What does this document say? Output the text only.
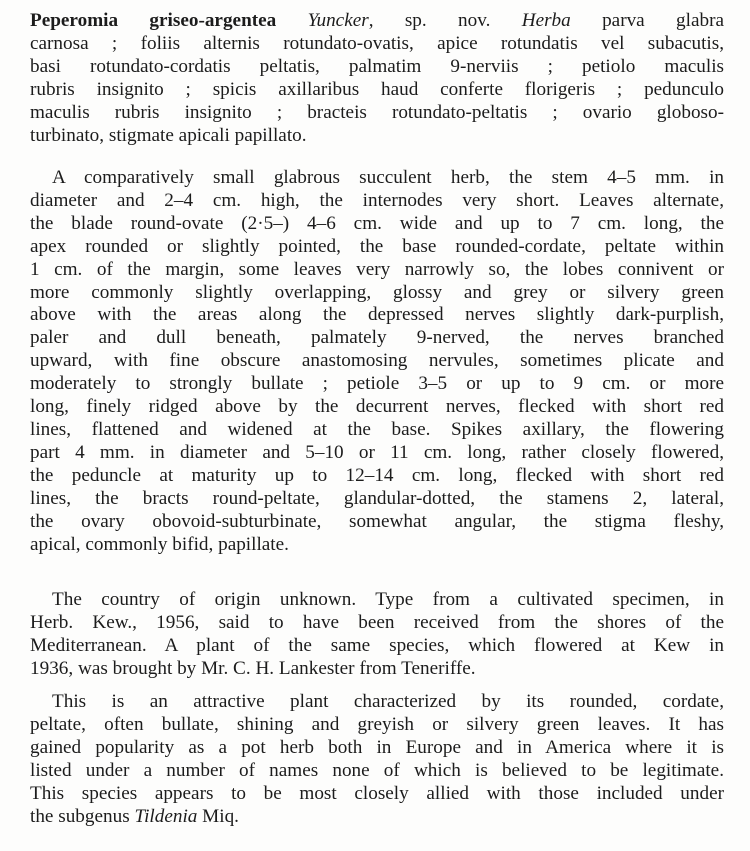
Peperomia griseo-argentea Yuncker, sp. nov. Herba parva glabra
carnosa ; foliis alternis rotundato-ovatis, apice rotundatis vel subacutis,
basi rotundato-cordatis peltatis, palmatim 9-nerviis ; petiolo maculis
rubris insignito ; spicis axillaribus haud conferte florigeris ; pedunculo
maculis rubris insignito ; bracteis rotundato-peltatis ; ovario globoso-
turbinato, stigmate apicali papillato.
A comparatively small glabrous succulent herb, the stem 4–5 mm. in
diameter and 2–4 cm. high, the internodes very short. Leaves alternate,
the blade round-ovate (2·5–) 4–6 cm. wide and up to 7 cm. long, the
apex rounded or slightly pointed, the base rounded-cordate, peltate within
1 cm. of the margin, some leaves very narrowly so, the lobes connivent or
more commonly slightly overlapping, glossy and grey or silvery green
above with the areas along the depressed nerves slightly dark-purplish,
paler and dull beneath, palmately 9-nerved, the nerves branched
upward, with fine obscure anastomosing nervules, sometimes plicate and
moderately to strongly bullate ; petiole 3–5 or up to 9 cm. or more
long, finely ridged above by the decurrent nerves, flecked with short red
lines, flattened and widened at the base. Spikes axillary, the flowering
part 4 mm. in diameter and 5–10 or 11 cm. long, rather closely flowered,
the peduncle at maturity up to 12–14 cm. long, flecked with short red
lines, the bracts round-peltate, glandular-dotted, the stamens 2, lateral,
the ovary obovoid-subturbinate, somewhat angular, the stigma fleshy,
apical, commonly bifid, papillate.
The country of origin unknown. Type from a cultivated specimen, in
Herb. Kew., 1956, said to have been received from the shores of the
Mediterranean. A plant of the same species, which flowered at Kew in
1936, was brought by Mr. C. H. Lankester from Teneriffe.
This is an attractive plant characterized by its rounded, cordate,
peltate, often bullate, shining and greyish or silvery green leaves. It has
gained popularity as a pot herb both in Europe and in America where it is
listed under a number of names none of which is believed to be legitimate.
This species appears to be most closely allied with those included under
the subgenus Tildenia Miq.
